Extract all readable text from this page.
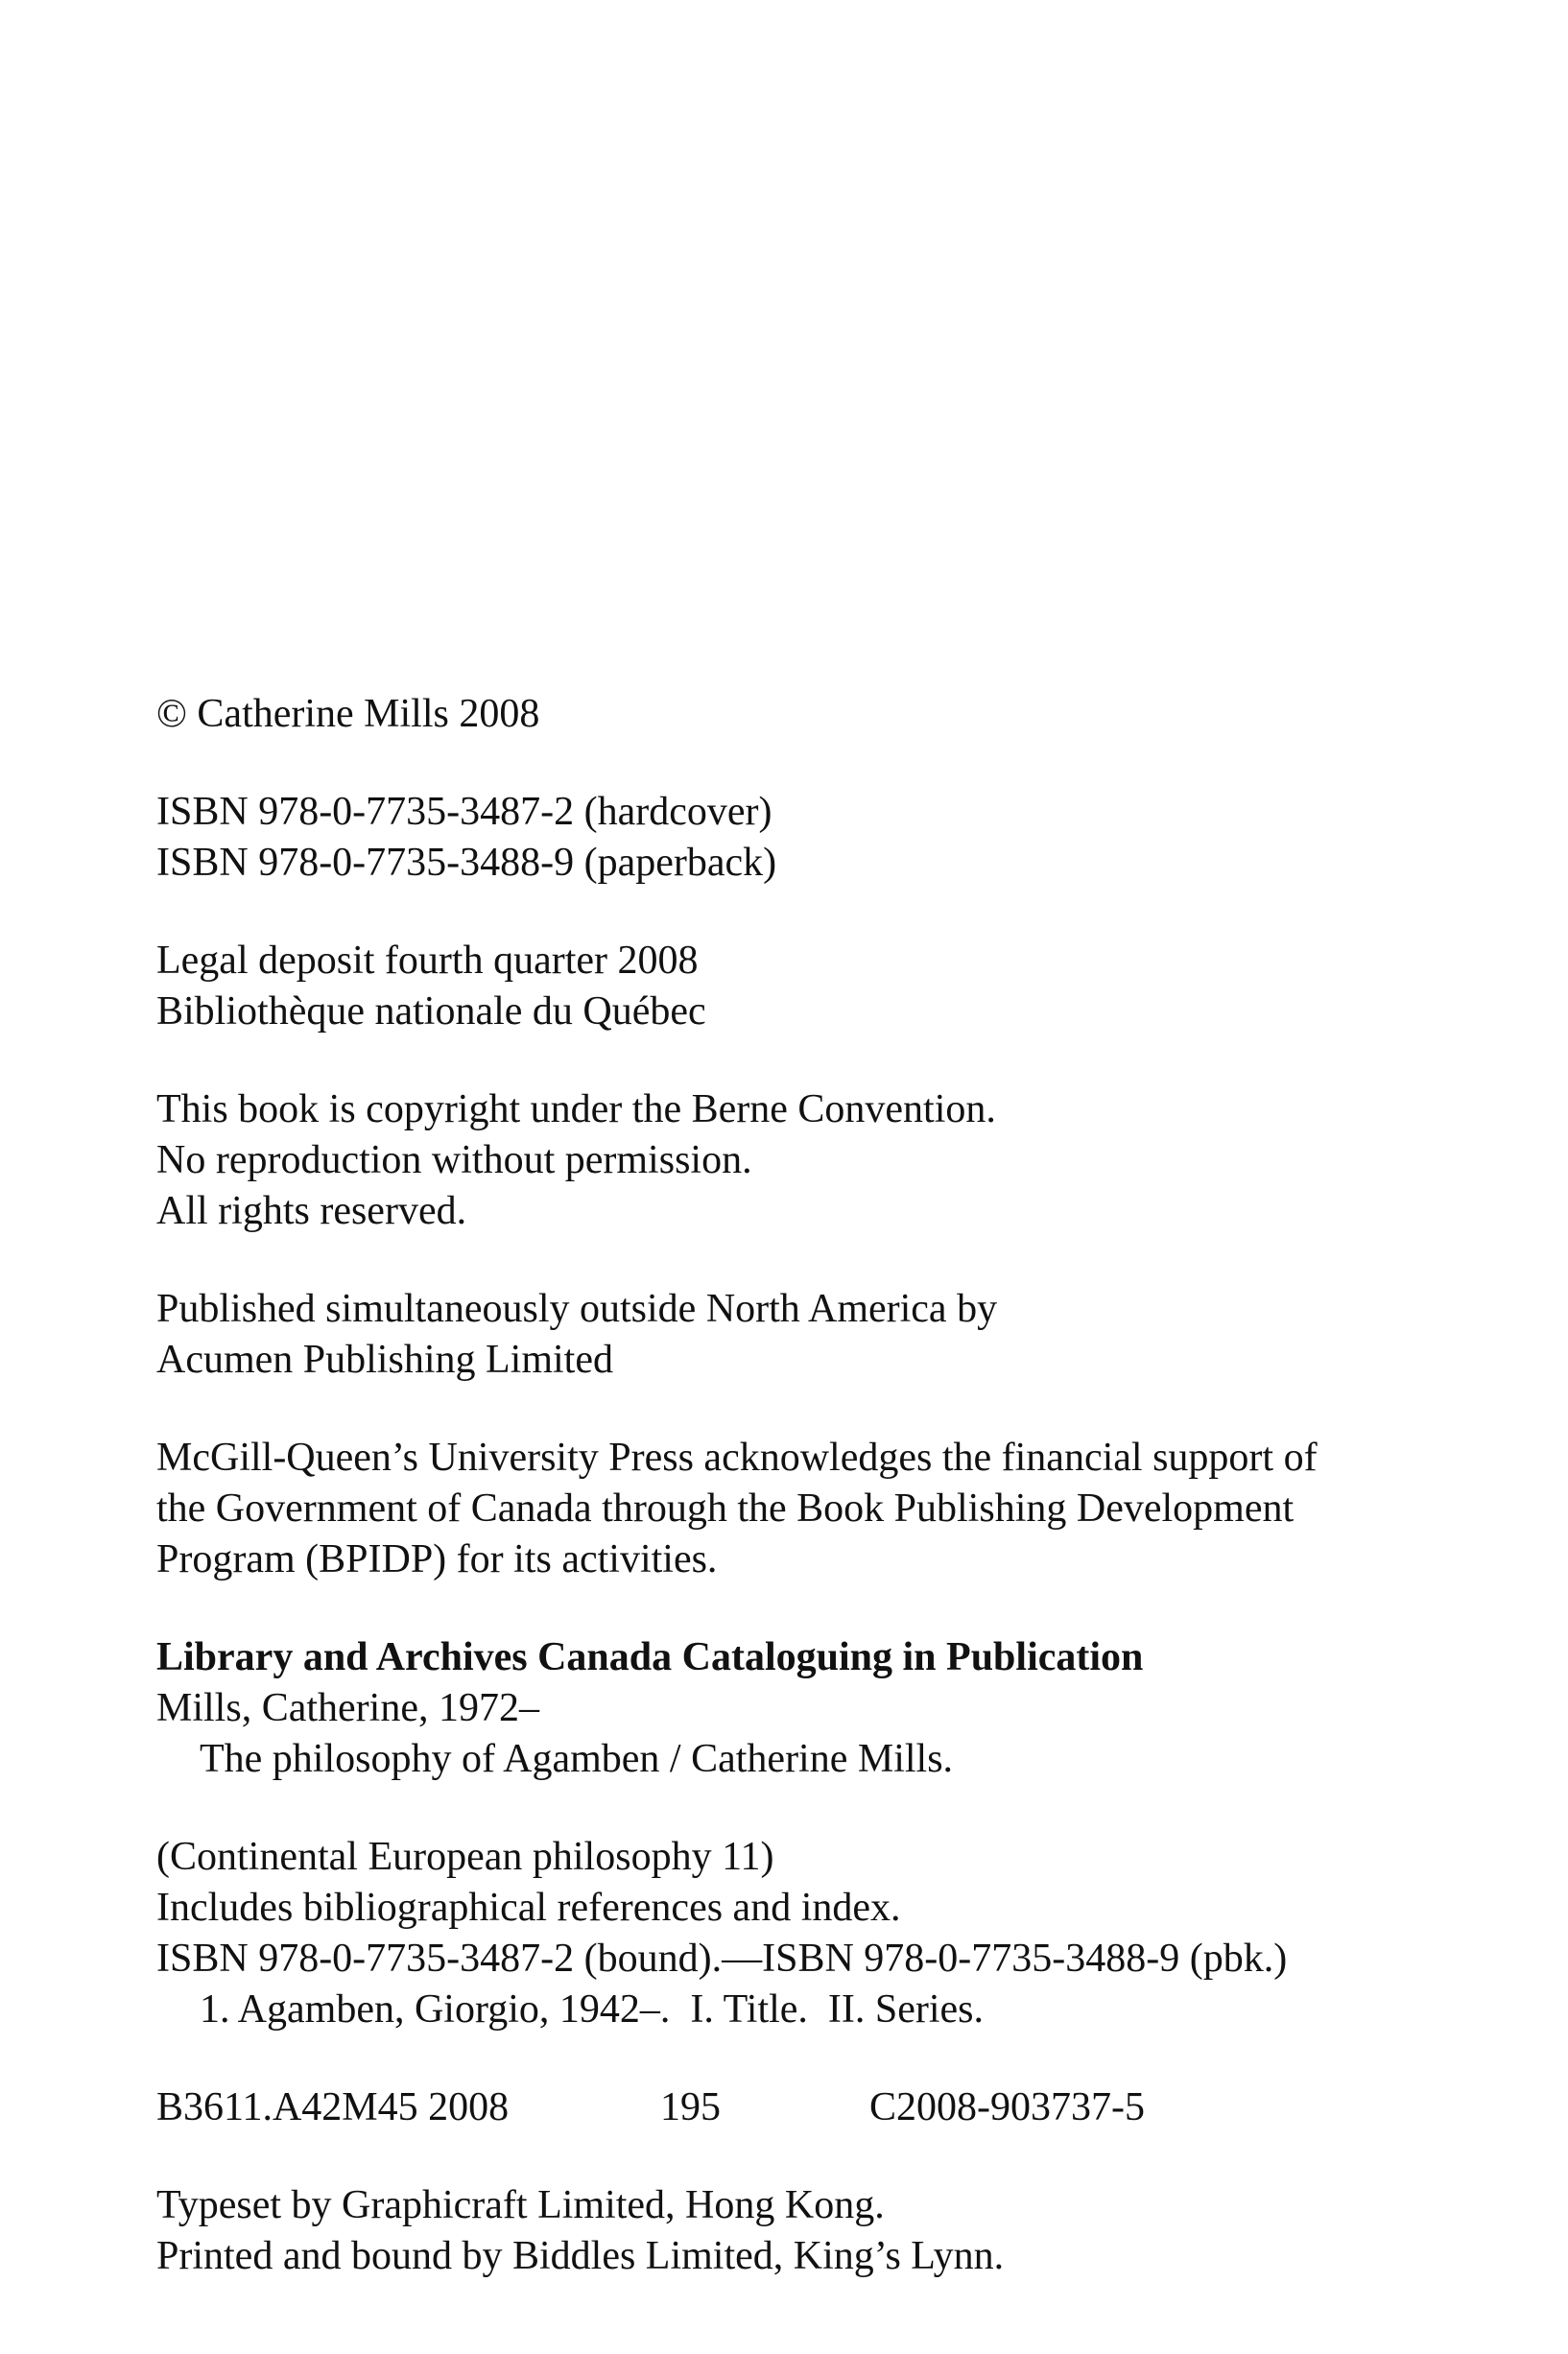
© Catherine Mills 2008

ISBN 978-0-7735-3487-2 (hardcover)

ISBN 978-0-7735-3488-9 (paperback)

Legal deposit fourth quarter 2008

Bibliothèque nationale du Québec

This book is copyright under the Berne Convention.

No reproduction without permission.

All rights reserved.

Published simultaneously outside North America by

Acumen Publishing Limited

McGill-Queen’s University Press acknowledges the financial support of

the Government of Canada through the Book Publishing Development

Program (BPIDP) for its activities.

Library and Archives Canada Cataloguing in Publication

Mills, Catherine, 1972–

The philosophy of Agamben / Catherine Mills.

(Continental European philosophy 11)

Includes bibliographical references and index.

ISBN 978-0-7735-3487-2 (bound).—ISBN 978-0-7735-3488-9 (pbk.)

1. Agamben, Giorgio, 1942–.  I. Title.  II. Series.

B3611.A42M45 2008	195	C2008-903737-5

Typeset by Graphicraft Limited, Hong Kong.

Printed and bound by Biddles Limited, King’s Lynn.
